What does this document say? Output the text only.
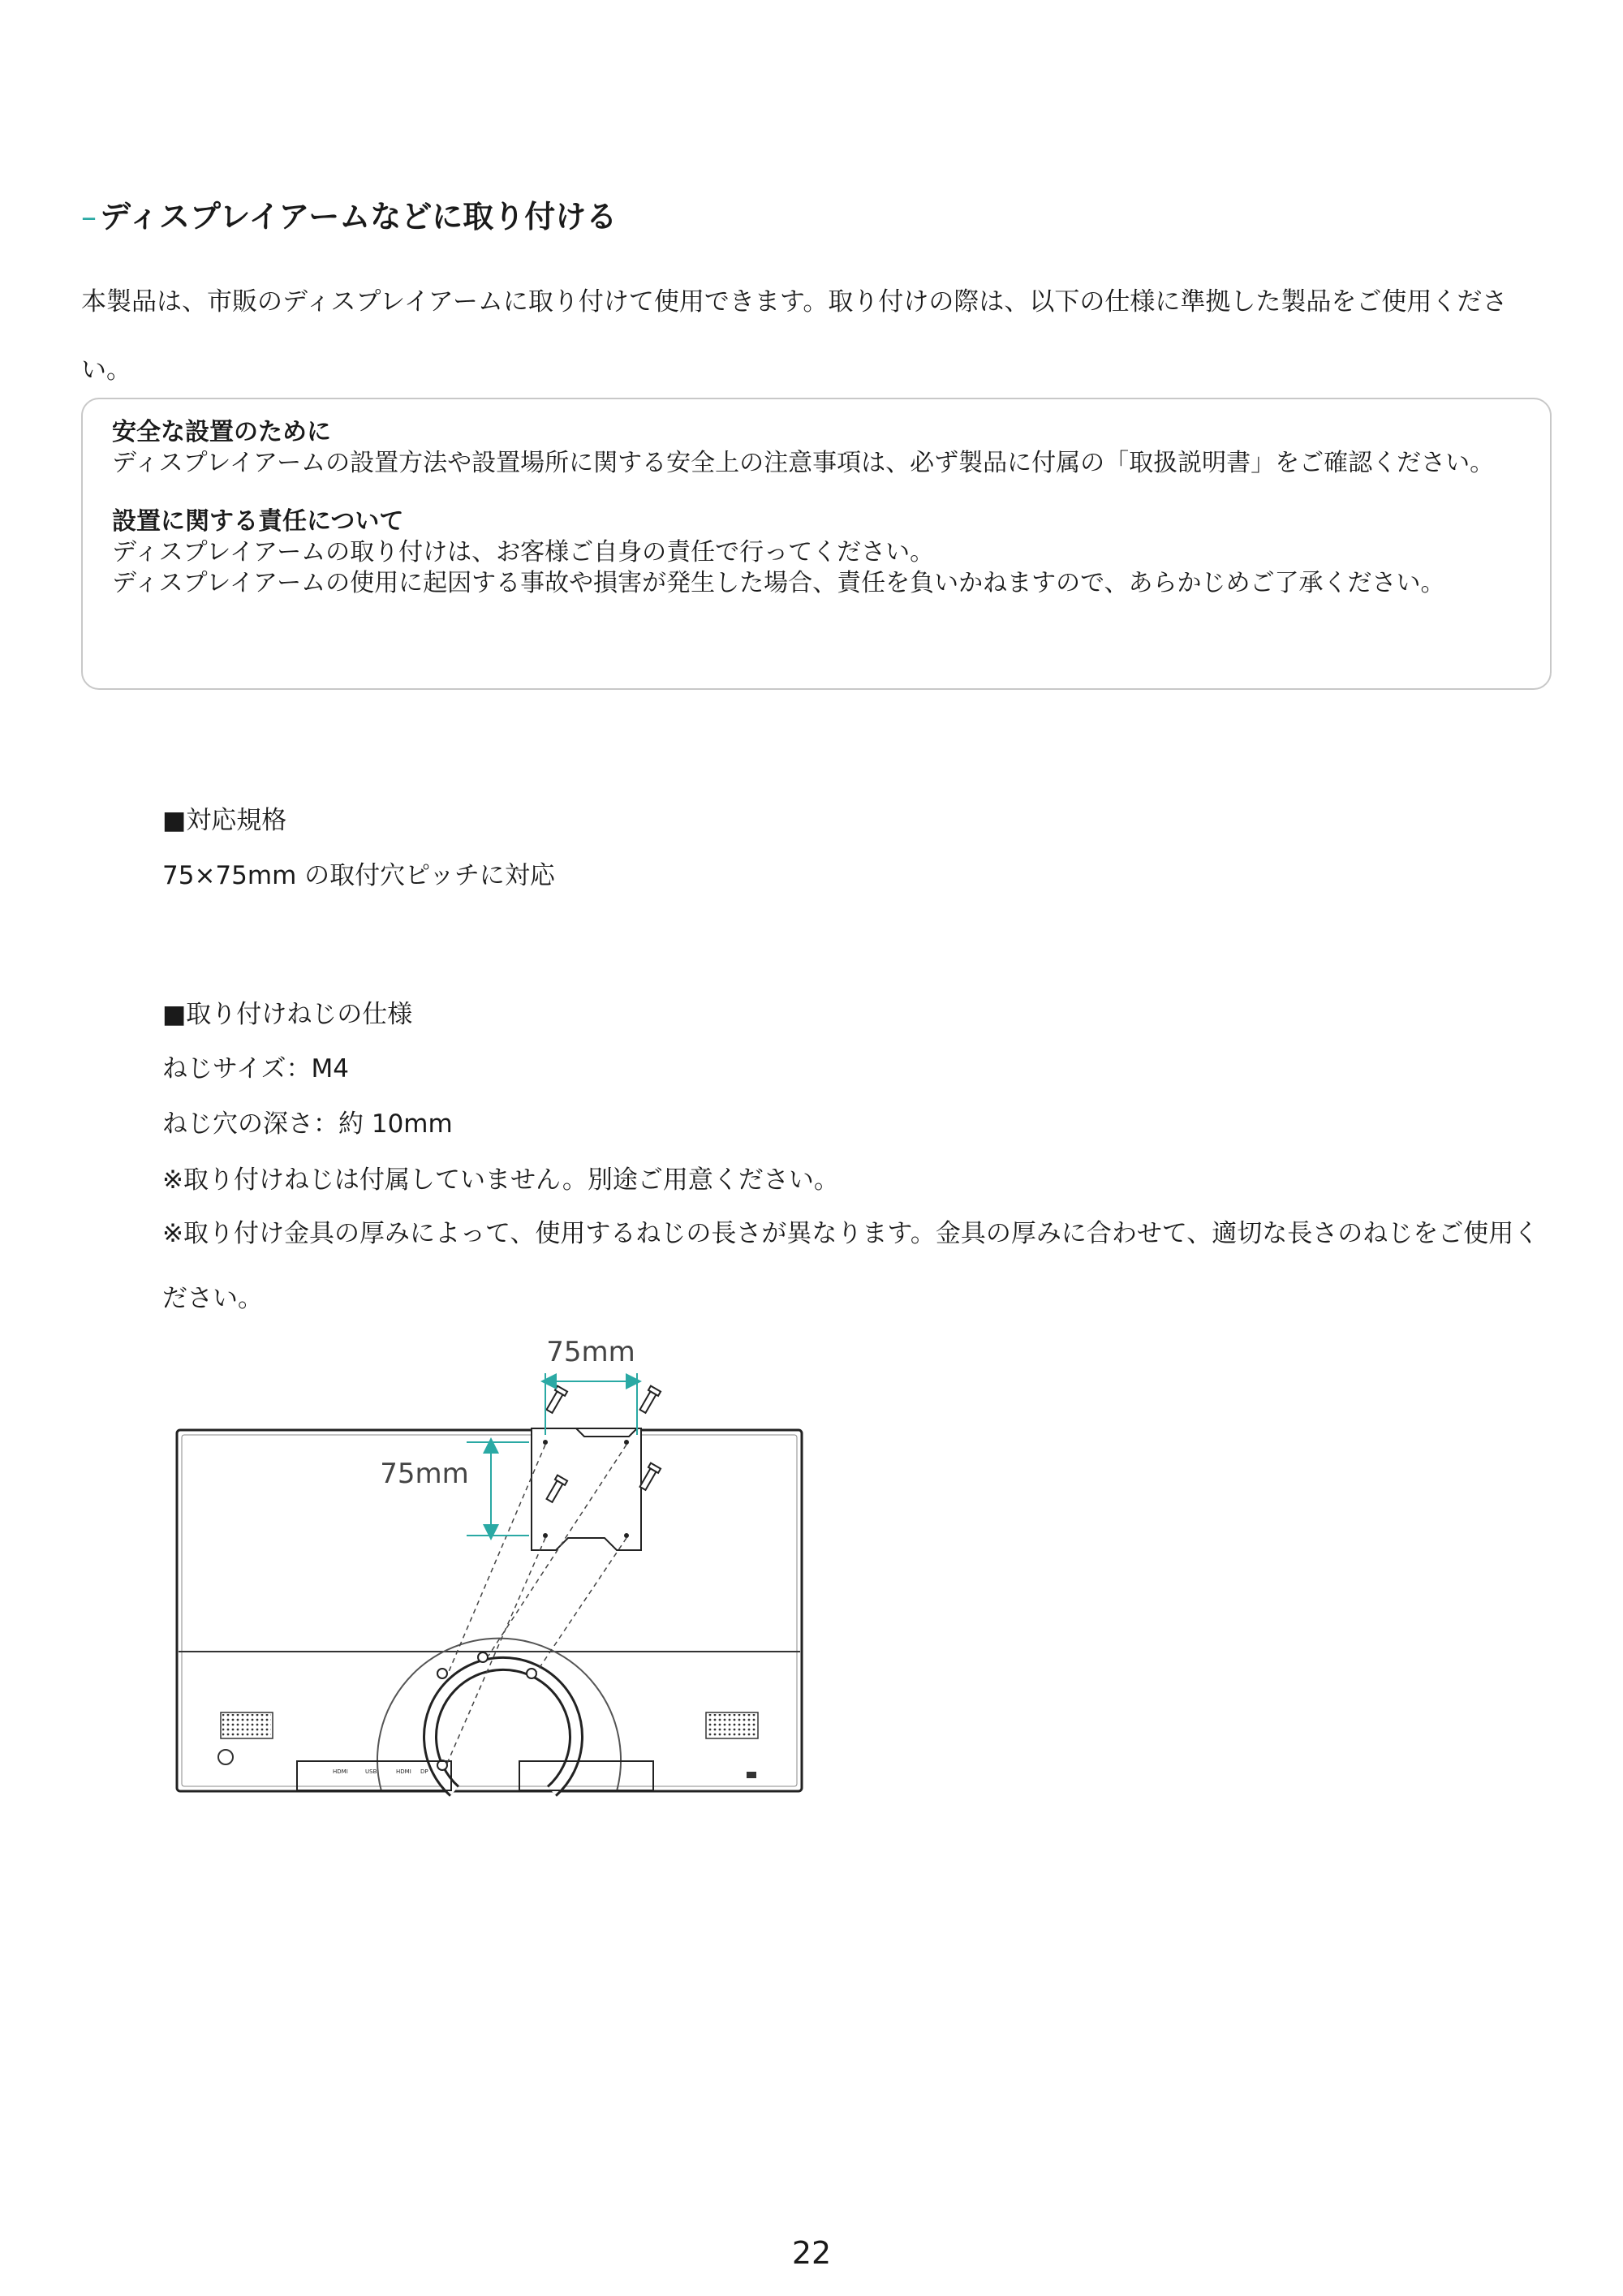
– ディスプレイアームなどに取り付ける
本製品は、市販のディスプレイアームに取り付けて使用できます。取り付けの際は、以下の仕様に準拠した製品をご使用ください。

安全な設置のために

ディスプレイアームの設置方法や設置場所に関する安全上の注意事項は、必ず製品に付属の「取扱説明書」をご確認ください。

設置に関する責任について

ディスプレイアームの取り付けは、お客様ご自身の責任で行ってください。

ディスプレイアームの使用に起因する事故や損害が発生した場合、責任を負いかねますので、あらかじめご了承ください。

■対応規格
75×75mm の取付穴ピッチに対応
■取り付けねじの仕様
ねじサイズ：M4
ねじ穴の深さ：約 10mm
※取り付けねじは付属していません。別途ご用意ください。
※取り付け金具の厚みによって、使用するねじの長さが異なります。金具の厚みに合わせて、適切な長さのねじをご使用ください。
HDMI	USB	HDMI DP
75mm
75mm
22
